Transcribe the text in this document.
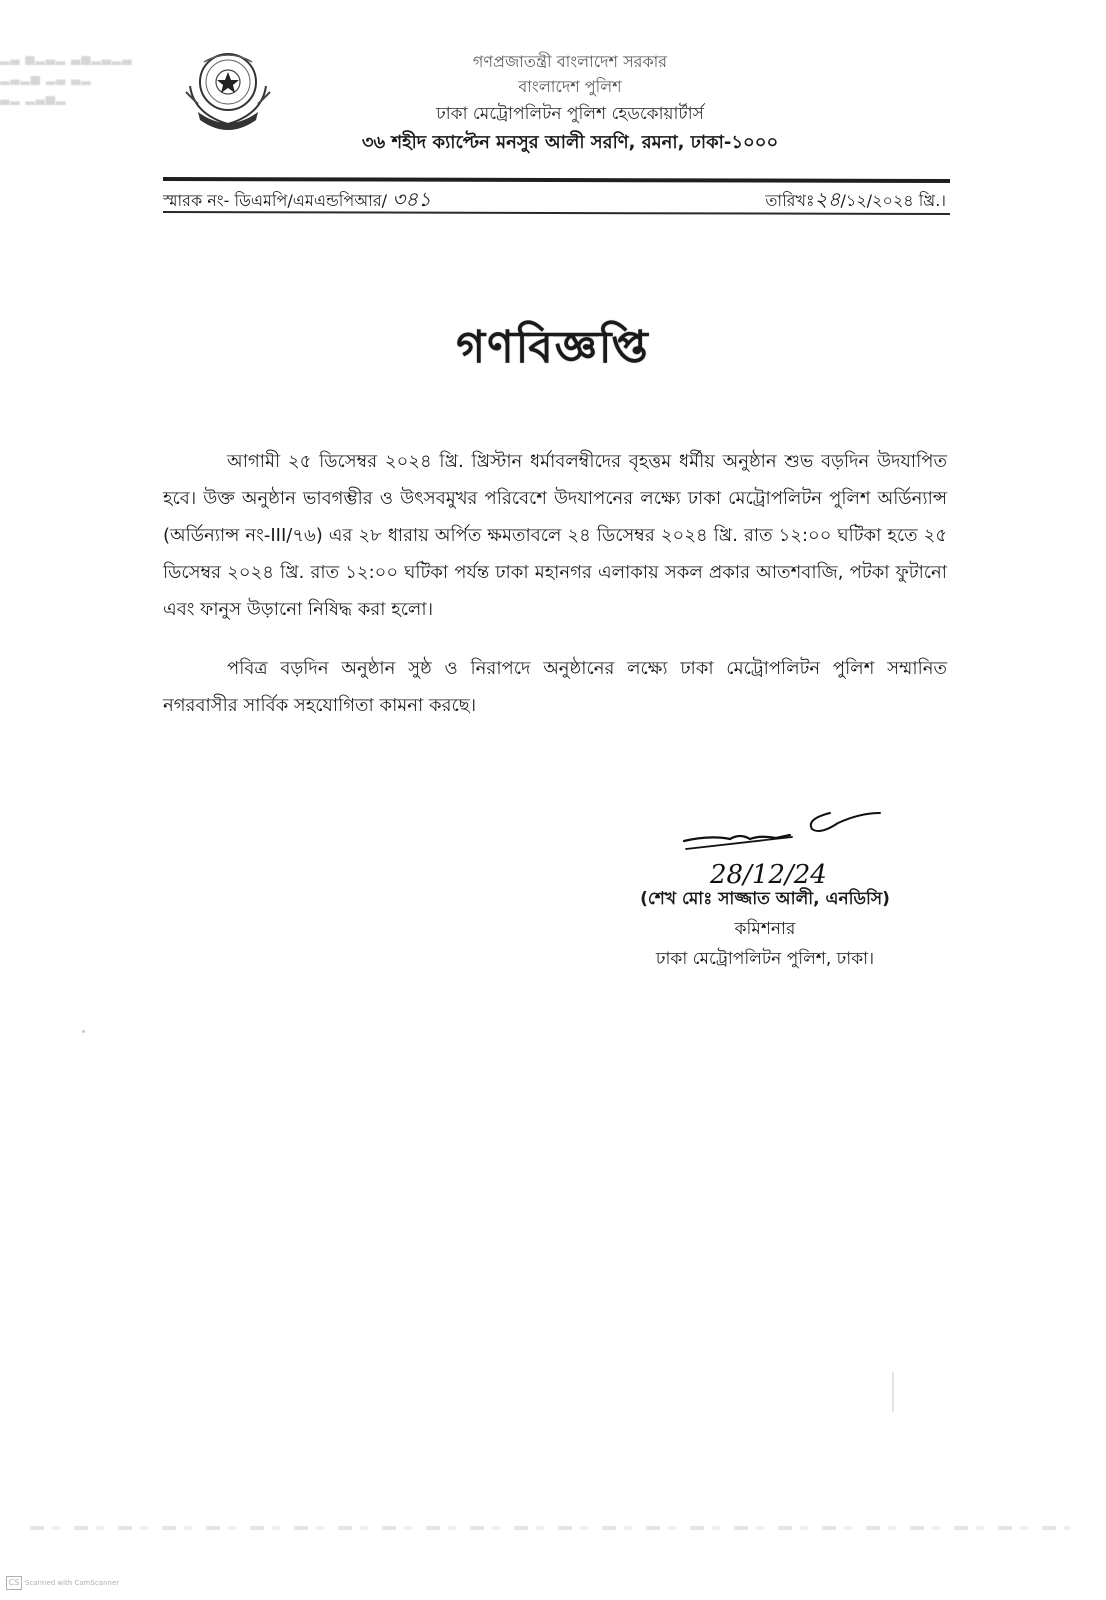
▂▃ ▅▂▃▂ ▃▅▂▃▂▃
▂▃▂▅ ▂▃ ▃▂
▃▂ ▂▃▅▂
গণপ্রজাতন্ত্রী বাংলাদেশ সরকার
বাংলাদেশ পুলিশ
ঢাকা মেট্রোপলিটন পুলিশ হেডকোয়ার্টার্স
৩৬ শহীদ ক্যাপ্টেন মনসুর আলী সরণি, রমনা, ঢাকা-১০০০
স্মারক নং- ডিএমপি/এমএন্ডপিআর/ ৩৪১	তারিখঃ২৪/১২/২০২৪ খ্রি.।
গণবিজ্ঞপ্তি
আগামী ২৫ ডিসেম্বর ২০২৪ খ্রি. খ্রিস্টান ধর্মাবলম্বীদের বৃহত্তম ধর্মীয় অনুষ্ঠান শুভ বড়দিন উদযাপিত হবে। উক্ত অনুষ্ঠান ভাবগম্ভীর ও উৎসবমুখর পরিবেশে উদযাপনের লক্ষ্যে ঢাকা মেট্রোপলিটন পুলিশ অর্ডিন্যান্স (অর্ডিন্যান্স নং-III/৭৬) এর ২৮ ধারায় অর্পিত ক্ষমতাবলে ২৪ ডিসেম্বর ২০২৪ খ্রি. রাত ১২:০০ ঘটিকা হতে ২৫ ডিসেম্বর ২০২৪ খ্রি. রাত ১২:০০ ঘটিকা পর্যন্ত ঢাকা মহানগর এলাকায় সকল প্রকার আতশবাজি, পটকা ফুটানো এবং ফানুস উড়ানো নিষিদ্ধ করা হলো।
পবিত্র বড়দিন অনুষ্ঠান সুষ্ঠ ও নিরাপদে অনুষ্ঠানের লক্ষ্যে ঢাকা মেট্রোপলিটন পুলিশ সম্মানিত নগরবাসীর সার্বিক সহযোগিতা কামনা করছে।
28/12/24
(শেখ মোঃ সাজ্জাত আলী, এনডিসি)
কমিশনার
ঢাকা মেট্রোপলিটন পুলিশ, ঢাকা।
CS Scanned with CamScanner
